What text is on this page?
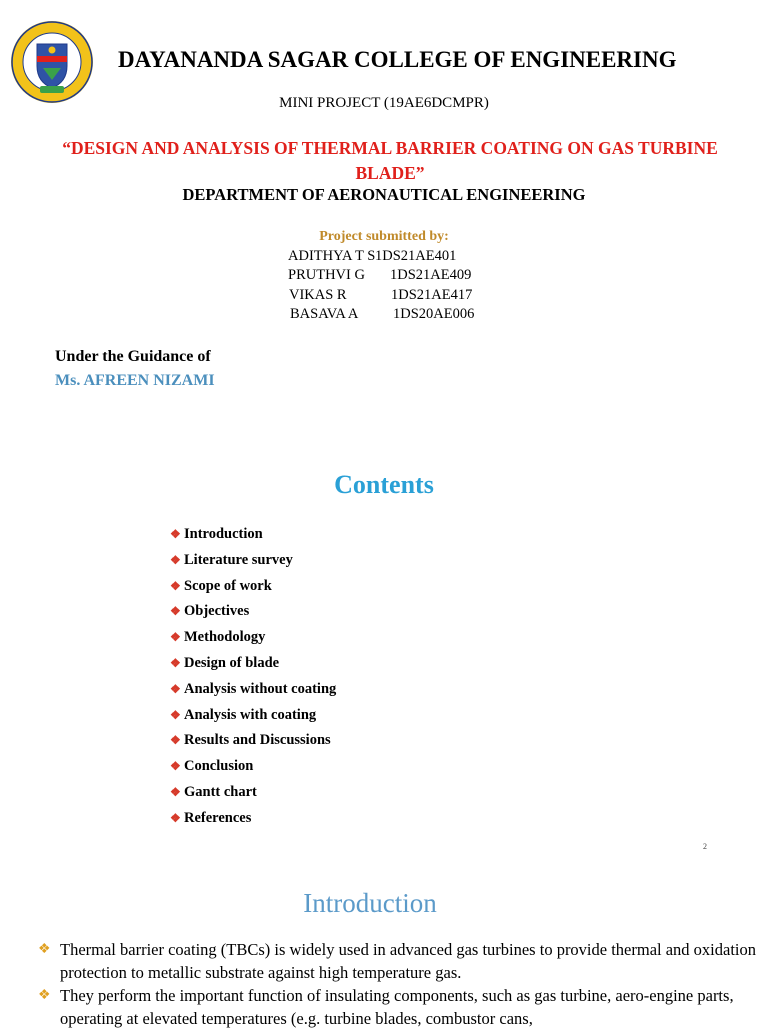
DAYANANDA SAGAR COLLEGE OF ENGINEERING
MINI PROJECT (19AE6DCMPR)
“DESIGN AND ANALYSIS OF THERMAL BARRIER COATING ON GAS TURBINE BLADE”
DEPARTMENT OF AERONAUTICAL ENGINEERING
Project submitted by:
ADITHYA T S 1DS21AE401
PRUTHVI G 1DS21AE409
VIKAS R	1DS21AE417
BASAVA A 1DS20AE006
Under the Guidance of
Ms. AFREEN NIZAMI
Contents
❖ Introduction
❖ Literature survey
❖ Scope of work
❖ Objectives
❖ Methodology
❖ Design of blade
❖ Analysis without coating
❖ Analysis with coating
❖ Results and Discussions
❖ Conclusion
❖ Gantt chart
❖ References
2
Introduction
❖ Thermal barrier coating (TBCs) is widely used in advanced gas turbines to provide thermal and oxidation protection to metallic substrate against high temperature gas.
❖ They perform the important function of insulating components, such as gas turbine, aero-engine parts, operating at elevated temperatures (e.g. turbine blades, combustor cans,
